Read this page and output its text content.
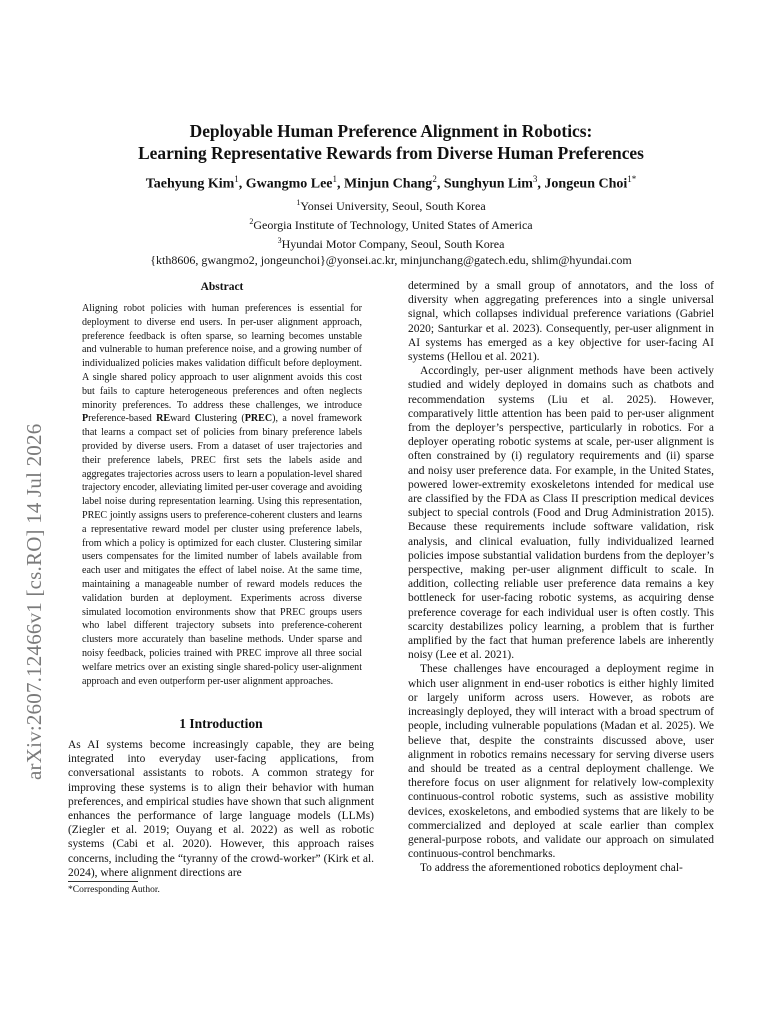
arXiv:2607.12466v1 [cs.RO] 14 Jul 2026
Deployable Human Preference Alignment in Robotics:
Learning Representative Rewards from Diverse Human Preferences
Taehyung Kim$^1$, Gwangmo Lee$^1$, Minjun Chang$^2$, Sunghyun Lim$^3$, Jongeun Choi$^{1*}$
$^1$Yonsei University, Seoul, South Korea
$^2$Georgia Institute of Technology, United States of America
$^3$Hyundai Motor Company, Seoul, South Korea
{kth8606, gwangmo2, jongeunchoi}@yonsei.ac.kr, minjunchang@gatech.edu, shlim@hyundai.com
Abstract
Aligning robot policies with human preferences is essential for deployment to diverse end users. In per-user alignment approach, preference feedback is often sparse, so learning becomes unstable and vulnerable to human preference noise, and a growing number of individualized policies makes validation difficult before deployment. A single shared policy approach to user alignment avoids this cost but fails to capture heterogeneous preferences and often neglects minority preferences. To address these challenges, we introduce Preference-based REward Clustering (PREC), a novel framework that learns a compact set of policies from binary preference labels provided by diverse users. From a dataset of user trajectories and their preference labels, PREC first sets the labels aside and aggregates trajectories across users to learn a population-level shared trajectory encoder, alleviating limited per-user coverage and avoiding label noise during representation learning. Using this representation, PREC jointly assigns users to preference-coherent clusters and learns a representative reward model per cluster using preference labels, from which a policy is optimized for each cluster. Clustering similar users compensates for the limited number of labels available from each user and mitigates the effect of label noise. At the same time, maintaining a manageable number of reward models reduces the validation burden at deployment. Experiments across diverse simulated locomotion environments show that PREC groups users who label different trajectory subsets into preference-coherent clusters more accurately than baseline methods. Under sparse and noisy feedback, policies trained with PREC improve all three social welfare metrics over an existing single shared-policy user-alignment approach and even outperform per-user alignment approaches.
1 Introduction

As AI systems become increasingly capable, they are being integrated into everyday user-facing applications, from conversational assistants to robots. A common strategy for improving these systems is to align their behavior with human preferences, and empirical studies have shown that such alignment enhances the performance of large language models (LLMs) (Ziegler et al. 2019; Ouyang et al. 2022) as well as robotic systems (Cabi et al. 2020). However, this approach raises concerns, including the “tyranny of the crowd-worker” (Kirk et al. 2024), where alignment directions are

*Corresponding Author.

determined by a small group of annotators, and the loss of diversity when aggregating preferences into a single universal signal, which collapses individual preference variations (Gabriel 2020; Santurkar et al. 2023). Consequently, per-user alignment in AI systems has emerged as a key objective for user-facing AI systems (Hellou et al. 2021).

Accordingly, per-user alignment methods have been actively studied and widely deployed in domains such as chatbots and recommendation systems (Liu et al. 2025). However, comparatively little attention has been paid to per-user alignment from the deployer’s perspective, particularly in robotics. For a deployer operating robotic systems at scale, per-user alignment is often constrained by (i) regulatory requirements and (ii) sparse and noisy user preference data. For example, in the United States, powered lower-extremity exoskeletons intended for medical use are classified by the FDA as Class II prescription medical devices subject to special controls (Food and Drug Administration 2015). Because these requirements include software validation, risk analysis, and clinical evaluation, fully individualized learned policies impose substantial validation burdens from the deployer’s perspective, making per-user alignment difficult to scale. In addition, collecting reliable user preference data remains a key bottleneck for user-facing robotic systems, as acquiring dense preference coverage for each individual user is often costly. This scarcity destabilizes policy learning, a problem that is further amplified by the fact that human preference labels are inherently noisy (Lee et al. 2021).

These challenges have encouraged a deployment regime in which user alignment in end-user robotics is either highly limited or largely uniform across users. However, as robots are increasingly deployed, they will interact with a broad spectrum of people, including vulnerable populations (Madan et al. 2025). We believe that, despite the constraints discussed above, user alignment in robotics remains necessary for serving diverse users and should be treated as a central deployment challenge. We therefore focus on user alignment for relatively low-complexity continuous-control robotic systems, such as assistive mobility devices, exoskeletons, and embodied systems that are likely to be commercialized and deployed at scale earlier than complex general-purpose robots, and validate our approach on simulated continuous-control benchmarks.

To address the aforementioned robotics deployment chal-
